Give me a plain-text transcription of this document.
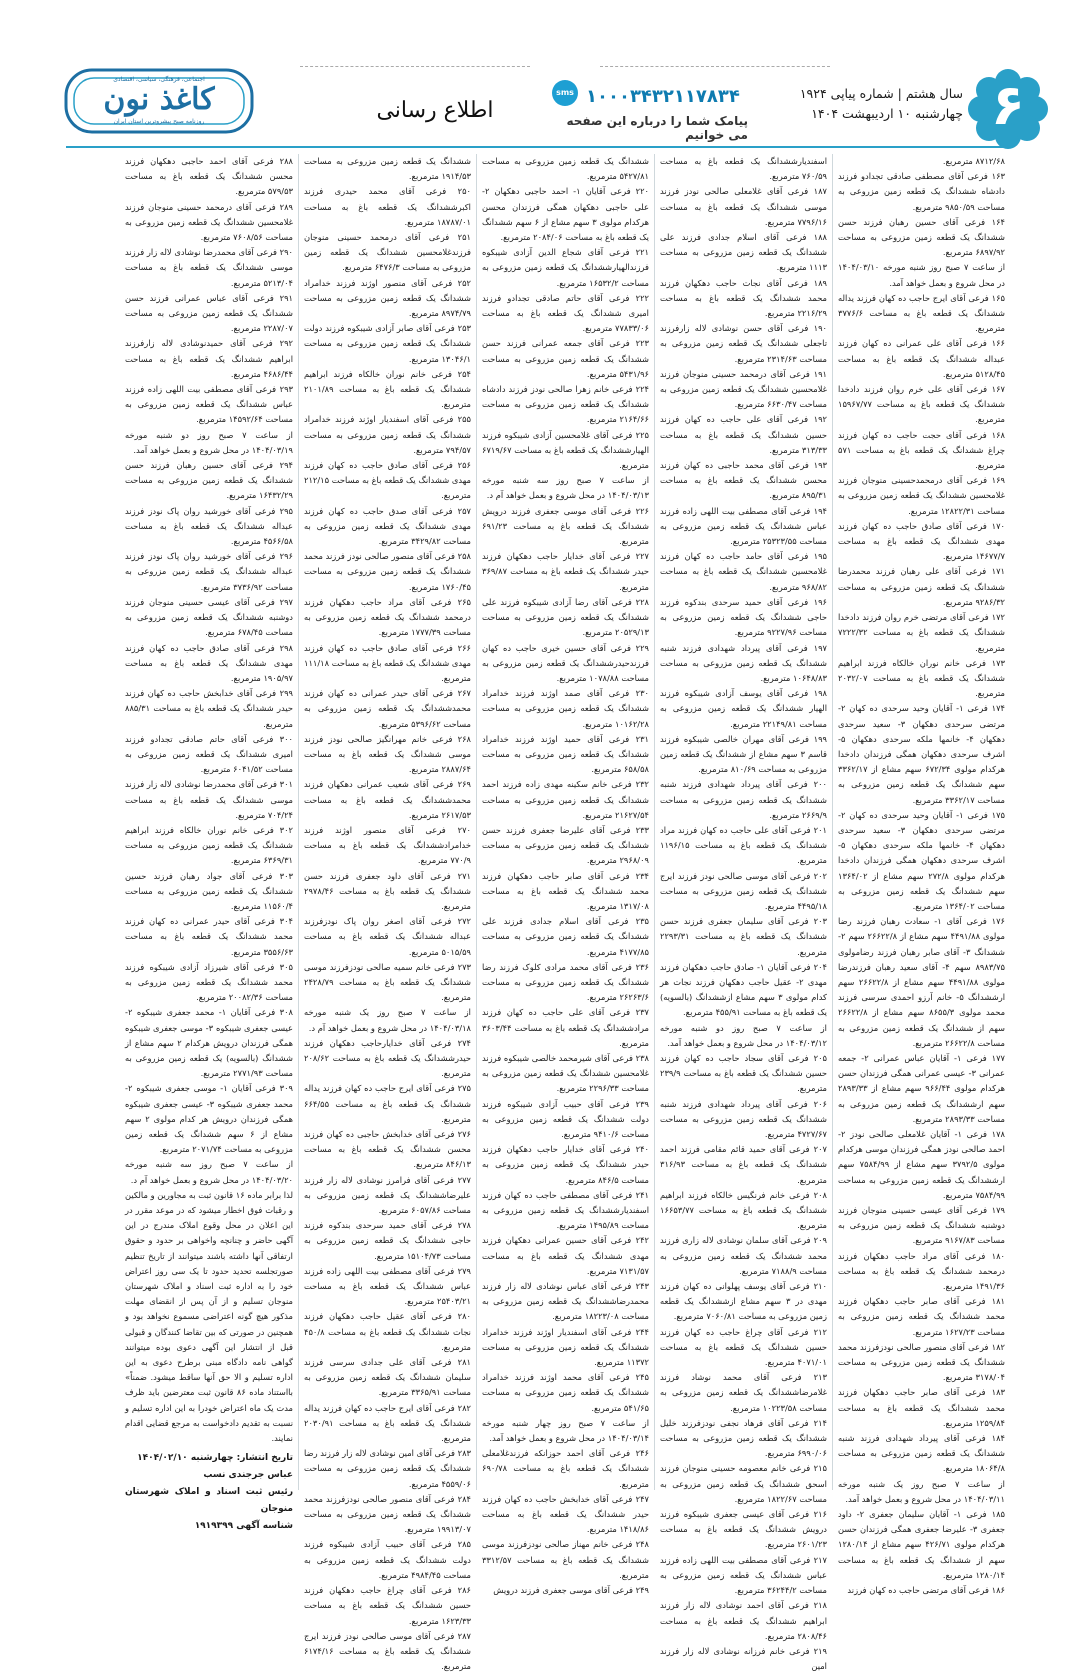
۶
سال هشتم | شماره پیاپی ۱۹۲۴
چهارشنبه ۱۰ اردیبهشت ۱۴۰۴
sms ۱۰۰۰۳۴۳۲۱۱۷۸۳۴
پیامک شما را درباره این صفحه می خوانیم
اطلاع رسانی
اجتماعی، فرهنگی، سیاسی، اقتصادی
کاغذ نون
روزنامه صبح پیشروترین استان ایران

۸۷۱۲/۶۸ مترمربع.

۱۶۳ فرعی آقای مصطفی صادقی تجدادو فرزند دادشاه ششدانگ یک قطعه زمین مزروعی به مساحت ۹۸۵۰/۵۹ مترمربع.

۱۶۴ فرعی آقای حسین رهبان فرزند حسن ششدانگ یک قطعه زمین مزروعی به مساحت ۶۸۹۷/۹۲ مترمربع.

از ساعت ۷ صبح روز شنبه مورخه ۱۴۰۴/۰۳/۱۰ در محل شروع و بعمل خواهد آمد.

۱۶۵ فرعی آقای ایرج حاجب ده کهان فرزند یداله ششدانگ یک قطعه باغ به مساحت ۳۷۷۶/۶ مترمربع.

۱۶۶ فرعی آقای علی عمرانی ده کهان فرزند عبداله ششدانگ یک قطعه باغ به مساحت ۵۱۲۸/۴۵ مترمربع.

۱۶۷ فرعی آقای علی خرم روان فرزند دادخدا ششدانگ یک قطعه باغ به مساحت ۱۵۹۶۷/۷۷ مترمربع.

۱۶۸ فرعی آقای حجت حاجب ده کهان فرزند چراغ ششدانگ یک قطعه باغ به مساحت ۵۷۱ مترمربع.

۱۶۹ فرعی آقای درمحمدحسینی منوجان فرزند غلامحسین ششدانگ یک قطعه زمین مزروعی به مساحت ۱۲۸۲۲/۳۱ مترمربع.

۱۷۰ فرعی آقای صادق حاجب ده کهان فرزند مهدی ششدانگ یک قطعه باغ به مساحت ۱۴۶۷۷/۷ مترمربع.

۱۷۱ فرعی آقای علی رهبان فرزند محمدرضا ششدانگ یک قطعه زمین مزروعی به مساحت ۹۲۸۶/۳۲ مترمربع.

۱۷۲ فرعی آقای مرتضی خرم روان فرزند دادخدا ششدانگ یک قطعه باغ به مساحت ۷۲۲۲/۳۲ مترمربع.

۱۷۳ فرعی خانم نوران خالکاه فرزند ابراهیم ششدانگ یک قطعه باغ به مساحت ۲۰۳۲/۰۷ مترمربع.

۱۷۴ فرعی ۱- آقایان وحید سرحدی ده کهان ۲- مرتضی سرحدی دهکهان ۳- سعید سرحدی دهکهان ۴- خانمها ملکه سرحدی دهکهان ۵- اشرف سرحدی دهکهان همگی فرزندان دادخدا هرکدام مولوی ۶۷۲/۳۴ سهم مشاع از ۳۳۶۲/۱۷ سهم ششدانگ یک قطعه زمین مزروعی به مساحت ۳۳۶۲/۱۷ مترمربع.

۱۷۵ فرعی ۱- آقایان وحید سرحدی ده کهان ۲- مرتضی سرحدی دهکهان ۳- سعید سرحدی دهکهان ۴- خانمها ملکه سرحدی دهکهان ۵- اشرف سرحدی دهکهان همگی فرزندان دادخدا هرکدام مولوی ۲۷۲/۸ سهم مشاع از ۱۳۶۴/۰۲ سهم ششدانگ یک قطعه زمین مزروعی به مساحت ۱۳۶۴/۰۲ مترمربع.

۱۷۶ فرعی آقای ۱- سعادت رهبان فرزند رضا مولوی ۴۴۹۱/۸۸ سهم مشاع از ۲۶۶۲۲/۸ سهم ۲- ششدانگ ۳- آقای صابر رهبان فرزند رضامولوی ۸۹۸۳/۷۵ سهم ۴- آقای سعید رهبان فرزندرضا مولوی ۴۴۹۱/۸۸ سهم مشاع از ۲۶۶۲۲/۸ سهم ارششدانگ ۵- خانم آرزو احمدی سرسی فرزند محمد مولوی ۸۶۵۵/۳ سهم مشاع از ۲۶۶۲۲/۸ سهم از ششدانگ یک قطعه زمین مزروعی به مساحت ۲۶۶۲۲/۸ مترمربع.

۱۷۷ فرعی ۱- آقایان عباس عمرانی ۲- جمعه عمرانی ۳- عیسی عمرانی همگی فرزندان حسن هرکدام مولوی ۹۶۶/۴۴ سهم مشاع از ۲۸۹۳/۳۳ سهم ارششدانگ یک قطعه زمین مزروعی به مساحت ۲۸۹۳/۳۳ مترمربع.

۱۷۸ فرعی ۱- آقایان غلامعلی صالحی نودز ۲- احمد صالحی نودز همگی فرزندان موسی هرکدام مولوی ۳۷۹۲/۵ سهم مشاع از ۷۵۸۴/۹۹ سهم ارششدانگ یک قطعه زمین مزروعی به مساحت ۷۵۸۴/۹۹ مترمربع.

۱۷۹ فرعی آقای عیسی حسینی منوجان فرزند دوشنبه ششدانگ یک قطعه زمین مزروعی به مساحت ۹۱۶۷/۸۳ مترمربع.

۱۸۰ فرعی آقای مراد حاجب دهکهان فرزند درمحمد ششدانگ یک قطعه باغ به مساحت ۱۴۹۱/۳۶ مترمربع.

۱۸۱ فرعی آقای صابر حاجب دهکهان فرزند محمد ششدانگ یک قطعه زمین مزروعی به مساحت ۱۶۲۷/۲۳ مترمربع.

۱۸۲ فرعی آقای منصور صالحی نودزفرزند محمد ششدانگ یک قطعه زمین مزروعی به مساحت ۳۱۷۸/۰۴ مترمربع.

۱۸۳ فرعی آقای صابر حاجب دهکهان فرزند محمد ششدانگ یک قطعه باغ به مساحت ۱۲۵۹/۸۴ مترمربع.

۱۸۴ فرعی آقای پیرداد شهدادی فرزند شنبه ششدانگ یک قطعه زمین مزروعی به مساحت ۱۸۰۶۴/۸ مترمربع.

از ساعت ۷ صبح روز یک شنبه مورخه ۱۴۰۴/۰۳/۱۱ در محل شروع و بعمل خواهد آمد.

۱۸۵ فرعی ۱- آقایان سلیمان جعفری ۲- داود جعفری ۳- علیرضا جعفری همگی فرزندان حسن هرکدام مولوی ۴۲۶/۷۱ سهم مشاع از ۱۲۸۰/۱۴ سهم از ششدانگ یک قطعه باغ به مساحت ۱۲۸۰/۱۴ مترمربع.

۱۸۶ فرعی آقای مرتضی حاجب ده کهان فرزند

اسفندیارششدانگ یک قطعه باغ به مساحت ۷۶۰/۵۹ مترمربع.

۱۸۷ فرعی آقای غلامعلی صالحی نودز فرزند موسی ششدانگ یک قطعه باغ به مساحت ۷۷۹۶/۱۶ مترمربع.

۱۸۸ فرعی آقای اسلام جدادی فرزند علی ششدانگ یک قطعه زمین مزروعی به مساحت ۱۱۱۳ مترمربع.

۱۸۹ فرعی آقای نجات حاجب دهکهان فرزند محمد ششدانگ یک قطعه باغ به مساحت ۲۲۱۶/۲۹ مترمربع.

۱۹۰ فرعی آقای حسن نوشادی لاله زارفرزند تاجعلی ششدانگ یک قطعه زمین مزروعی به مساحت ۲۳۱۴/۶۳ مترمربع.

۱۹۱ فرعی آقای درمحمد حسینی منوجان فرزند غلامحسین ششدانگ یک قطعه زمین مزروعی به مساحت ۶۶۳۰/۴۷ مترمربع.

۱۹۲ فرعی آقای علی حاجب ده کهان فرزند حسین ششدانگ یک قطعه باغ به مساحت ۳۱۳/۳۳ مترمربع.

۱۹۳ فرعی آقای محمد حاجبی ده کهان فرزند محسن ششدانگ یک قطعه باغ به مساحت ۸۹۵/۳۱ مترمربع.

۱۹۴ فرعی آقای مصطفی بیت اللهی زاده فرزند عباس ششدانگ یک قطعه زمین مزروعی به مساحت ۲۵۳۲۳/۵۵ مترمربع.

۱۹۵ فرعی آقای حامد حاجب ده کهان فرزند غلامحسین ششدانگ یک قطعه باغ به مساحت ۹۶۸/۸۲ مترمربع.

۱۹۶ فرعی آقای حمید سرحدی بندکوه فرزند حاجی ششدانگ یک قطعه زمین مزروعی به مساحت ۹۲۲۷/۹۶ مترمربع.

۱۹۷ فرعی آقای پیرداد شهدادی فرزند شنبه ششدانگ یک قطعه زمین مزروعی به مساحت ۱۰۶۴۸/۸۳ مترمربع.

۱۹۸ فرعی آقای یوسف آزادی شیبکوه فرزند الهیار ششدانگ یک قطعه زمین مزروعی به مساحت ۲۲۱۴۹/۸۱ مترمربع.

۱۹۹ فرعی آقای مهران خالصی شیبکوه فرزند قاسم ۳ سهم مشاع از ششدانگ یک قطعه زمین مزروعی به مساحت ۸۱۰/۶۹ مترمربع.

۲۰۰ فرعی آقای پیرداد شهدادی فرزند شنبه ششدانگ یک قطعه زمین مزروعی به مساحت ۲۶۶۹/۹ مترمربع.

۲۰۱ فرعی آقای علی حاجب ده کهان فرزند مراد ششدانگ یک قطعه باغ به مساحت ۱۱۹۶/۱۵ مترمربع.

۲۰۲ فرعی آقای موسی صالحی نودز فرزند ایرج ششدانگ یک قطعه زمین مزروعی به مساحت ۴۴۹۵/۱۸ مترمربع.

۲۰۳ فرعی آقای سلیمان جعفری فرزند حسن ششدانگ یک قطعه باغ به مساحت ۲۲۹۳/۳۱ مترمربع.

۲۰۴ فرعی آقایان ۱- صادق حاجب دهکهان فرزند مهدی ۲- عقیل حاجب دهکهان فرزند نجات هر کدام مولوی ۳ سهم مشاع ازششدانگ (بالسویه) یک قطعه باغ به مساحت ۴۵۵/۹۱ مترمربع.

از ساعت ۷ صبح روز دو شنبه مورخه ۱۴۰۴/۰۳/۱۲ در محل شروع و بعمل خواهد آمد.

۲۰۵ فرعی آقای سجاد حاجب ده کهان فرزند حسین ششدانگ یک قطعه باغ به مساحت ۲۳۹/۹ مترمربع.

۲۰۶ فرعی آقای پیرداد شهدادی فرزند شنبه ششدانگ یک قطعه زمین مزروعی به مساحت ۴۷۲۷/۶۷ مترمربع.

۲۰۷ فرعی آقای حمید قائم مقامی فرزند احمد ششدانگ یک قطعه باغ به مساحت ۳۱۶/۹۳ مترمربع.

۲۰۸ فرعی خانم فرنگیس خالکاه فرزند ابراهیم ششدانگ یک قطعه باغ به مساحت ۱۶۶۵۳/۷۷ مترمربع.

۲۰۹ فرعی آقای سلمان نوشادی لاله زاری فرزند محمد ششدانگ یک قطعه زمین مزروعی به مساحت ۷۱۸۸/۹ مترمربع.

۲۱۰ فرعی آقای یوسف پهلوانی ده کهان فرزند مهدی در ۳ سهم مشاع ازششدانگ یک قطعه زمین مزروعی به مساحت ۷۰۶۰/۸۱ مترمربع.

۲۱۲ فرعی آقای چراغ حاجب ده کهان فرزند حسین ششدانگ یک قطعه باغ به مساحت ۴۰۷۱/۰۱ مترمربع.

۲۱۳ فرعی آقای محمد نوشاد فرزند غلامرضاششدانگ یک قطعه زمین مزروعی به مساحت ۱۰۲۲۳/۵۸ مترمربع.

۲۱۴ فرعی آقای فرهاد نجفی نودزفرزند خلیل ششدانگ یک قطعه زمین مزروعی به مساحت ۶۹۹۰/۰۶ مترمربع.

۲۱۵ فرعی خانم معصومه حسینی منوجان فرزند اسحق ششدانگ یک قطعه زمین مزروعی به مساحت ۱۸۲۲/۶۷ مترمربع.

۲۱۶ فرعی آقای عیسی جعفری شیبکوه فرزند درویش ششدانگ یک قطعه باغ به مساحت ۲۶۰۱/۲۳ مترمربع.

۲۱۷ فرعی آقای مصطفی بیت اللهی زاده فرزند عباس ششدانگ یک قطعه زمین مزروعی به مساحت ۳۶۲۴۴/۲ مترمربع.

۲۱۸ فرعی آقای احمد نوشادی لاله زار فرزند ابراهیم ششدانگ یک قطعه باغ به مساحت ۲۸۰۸/۴۶ مترمربع.

۲۱۹ فرعی خانم فرزانه نوشادی لاله زار فرزند امین

ششدانگ یک قطعه زمین مزروعی به مساحت ۵۴۲۷/۸۱ مترمربع.

۲۲۰ فرعی آقایان ۱- احمد حاجبی دهکهان ۲- علی حاجبی دهکهان همگی فرزندان محسن هرکدام مولوی ۳ سهم مشاع از ۶ سهم ششدانگ یک قطعه باغ به مساحت ۲۰۸۴/۰۶ مترمربع.

۲۲۱ فرعی آقای شجاع الدین آزادی شیبکوه فرزندالهیارششدانگ یک قطعه زمین مزروعی به مساحت ۱۶۵۳۲/۲ مترمربع.

۲۲۲ فرعی آقای حاتم صادقی تجدادو فرزند امیری ششدانگ یک قطعه باغ به مساحت ۷۷۸۳۳/۰۶ مترمربع.

۲۲۳ فرعی آقای جمعه عمرانی فرزند حسن ششدانگ یک قطعه زمین مزروعی به مساحت ۵۴۳۱/۹۶ مترمربع.

۲۲۴ فرعی خانم زهرا صالحی نودز فرزند دادشاه ششدانگ یک قطعه زمین مزروعی به مساحت ۲۱۶۴/۶۶ مترمربع.

۲۲۵ فرعی آقای غلامحسین آزادی شیبکوه فرزند الهیارششدانگ یک قطعه باغ به مساحت ۶۷۱۹/۶۷ مترمربع.

از ساعت ۷ صبح روز سه شنبه مورخه ۱۴۰۴/۰۳/۱۳ در محل شروع و بعمل خواهد آم د.

۲۲۶ فرعی آقای موسی جعفری فرزند درویش ششدانگ یک قطعه باغ به مساحت ۶۹۱/۲۳ مترمربع.

۲۲۷ فرعی آقای خدایار حاجب دهکهان فرزند حیدر ششدانگ یک قطعه باغ به مساحت ۳۶۹/۸۷ مترمربع.

۲۲۸ فرعی آقای رضا آزادی شیبکوه فرزند علی ششدانگ یک قطعه زمین مزروعی به مساحت ۲۰۵۲۹/۱۳ مترمربع.

۲۲۹ فرعی آقای حسین خیری حاجب ده کهان فرزندحیدرششدانگ یک قطعه زمین مزروعی به مساحت ۱۰۷۸/۸۸ مترمربع.

۲۳۰ فرعی آقای صمد اوژند فرزند خدامراد ششدانگ یک قطعه زمین مزروعی به مساحت ۱۰۱۶۲/۲۸ مترمربع.

۲۳۱ فرعی آقای حمید اوژند فرزند خدامراد ششدانگ یک قطعه زمین مزروعی به مساحت ۶۵۸/۵۸ مترمربع.

۲۳۲ فرعی خانم سکینه مهدی زاده فرزند احمد ششدانگ یک قطعه زمین مزروعی به مساحت ۲۱۶۲۷/۵۴ مترمربع.

۲۳۳ فرعی آقای علیرضا جعفری فرزند حسن ششدانگ یک قطعه زمین مزروعی به مساحت ۲۹۶۸/۰۹ مترمربع.

۲۳۴ فرعی آقای صابر حاجب دهکهان فرزند محمد ششدانگ یک قطعه باغ به مساحت ۱۳۱۷/۰۸ مترمربع.

۲۳۵ فرعی آقای اسلام جدادی فرزند علی ششدانگ یک قطعه زمین مزروعی به مساحت ۴۱۷۷/۸۵ مترمربع.

۲۳۶ فرعی آقای محمد مرادی کلوک فرزند رضا ششدانگ یک قطعه زمین مزروعی به مساحت ۲۶۲۶۳/۶ مترمربع.

۲۳۷ فرعی آقای علی حاجب ده کهان فرزند مرادششدانگ یک قطعه باغ به مساحت ۳۶۰۳/۴۴ مترمربع.

۲۳۸ فرعی آقای شیرمحمد خالصی شیبکوه فرزند غلامحسین ششدانگ یک قطعه زمین مزروعی به مساحت ۲۲۹۶/۳۳ مترمربع.

۲۳۹ فرعی آقای حبیب آزادی شیبکوه فرزند دولت ششدانگ یک قطعه زمین مزروعی به مساحت ۹۴۱۰/۶ مترمربع.

۲۴۰ فرعی آقای خدایار حاجب دهکهان فرزند حیدر ششدانگ یک قطعه زمین مزروعی به مساحت ۸۴۶/۵ مترمربع.

۲۴۱ فرعی آقای مصطفی حاجب ده کهان فرزند اسفندیارششدانگ یک قطعه زمین مزروعی به مساحت ۱۴۹۵/۸۹ مترمربع.

۲۴۲ فرعی آقای حسین عمرانی دهکهان فرزند مهدی ششدانگ یک قطعه باغ به مساحت ۷۱۳۱/۵۷ مترمربع.

۲۴۳ فرعی آقای عباس نوشادی لاله زار فرزند محمدرضاششدانگ یک قطعه زمین مزروعی به مساحت ۱۸۲۲۳/۰۸ مترمربع.

۲۴۴ فرعی آقای اسفندیار اوژند فرزند خدامراد ششدانگ یک قطعه زمین مزروعی به مساحت ۱۱۳۷۲ مترمربع.

۲۴۵ فرعی آقای محمد اوژند فرزند خدامراد ششدانگ یک قطعه زمین مزروعی به مساحت ۵۴۱/۶۵ مترمربع.

از ساعت ۷ صبح روز چهار شنبه مورخه ۱۴۰۴/۰۳/۱۴ در محل شروع و بعمل خواهد آمد.

۲۴۶ فرعی آقای احمد حوزانکه فرزندغلامعلی ششدانگ یک قطعه باغ به مساحت ۶۹۰/۷۸ مترمربع.

۲۴۷ فرعی آقای خدابخش حاجب ده کهان فرزند حیدر ششدانگ یک قطعه باغ به مساحت ۱۴۱۸/۸۶ مترمربع.

۲۴۸ فرعی خانم مهناز صالحی نودزفرزند موسی ششدانگ یک قطعه باغ به مساحت ۳۳۱۲/۵۷ مترمربع.

۲۴۹ فرعی آقای موسی جعفری فرزند درویش

ششدانگ یک قطعه زمین مزروعی به مساحت ۱۹۱۴/۵۳ مترمربع.

۲۵۰ فرعی آقای محمد حیدری فرزند اکبرششدانگ یک قطعه باغ به مساحت ۱۸۷۸۷/۰۱ مترمربع.

۲۵۱ فرعی آقای درمحمد حسینی منوجان فرزندغلامحسین ششدانگ یک قطعه زمین مزروعی به مساحت ۶۴۷۶/۳ مترمربع.

۲۵۲ فرعی آقای منصور اوژند فرزند خدامراد ششدانگ یک قطعه زمین مزروعی به مساحت ۸۹۷۴/۷۹ مترمربع.

۲۵۳ فرعی آقای صابر آزادی شیبکوه فرزند دولت ششدانگ یک قطعه زمین مزروعی به مساحت ۱۳۰۴۶/۱ مترمربع.

۲۵۴ فرعی خانم نوران خالکاه فرزند ابراهیم ششدانگ یک قطعه باغ به مساحت ۲۱۰۱/۸۹ مترمربع.

۲۵۵ فرعی آقای اسفندیار اوژند فرزند خدامراد ششدانگ یک قطعه زمین مزروعی به مساحت ۷۹۴/۵۷ مترمربع.

۲۵۶ فرعی آقای صادق حاجب ده کهان فرزند مهدی ششدانگ یک قطعه باغ به مساحت ۲۱۲/۱۵ مترمربع.

۲۵۷ فرعی آقای صدق حاجب ده کهان فرزند مهدی ششدانگ یک قطعه زمین مزروعی به مساحت ۳۴۲۹/۸۲ مترمربع.

۲۵۸ فرعی آقای منصور صالحی نودز فرزند محمد ششدانگ یک قطعه زمین مزروعی به مساحت ۱۷۶۰/۴۵ مترمربع.

۲۶۵ فرعی آقای مراد حاجب دهکهان فرزند درمحمد ششدانگ یک قطعه زمین مزروعی به مساحت ۱۷۷۷/۳۹ مترمربع.

۲۶۶ فرعی آقای صادق حاجب ده کهان فرزند مهدی ششدانگ یک قطعه باغ به مساحت ۱۱۱/۱۸ مترمربع.

۲۶۷ فرعی آقای حیدر عمرانی ده کهان فرزند محمدششدانگ یک قطعه زمین مزروعی به مساحت ۵۳۹۶/۶۲ مترمربع.

۲۶۸ فرعی خانم مهرانگیز صالحی نودز فرزند موسی ششدانگ یک قطعه باغ به مساحت ۲۸۸۷/۶۴ مترمربع.

۲۶۹ فرعی آقای شعیب عمرانی دهکهان فرزند محمدششدانگ یک قطعه باغ به مساحت ۲۶۱۷/۵۳ مترمربع.

۲۷۰ فرعی آقای منصور اوژند فرزند خدامرادششدانگ یک قطعه باغ به مساحت ۷۷۰/۹ مترمربع.

۲۷۱ فرعی آقای داود جعفری فرزند حسن ششدانگ یک قطعه باغ به مساحت ۲۹۷۸/۴۶ مترمربع.

۲۷۲ فرعی آقای اصغر روان پاک نودزفرزند عبداله ششدانگ یک قطعه باغ به مساحت ۵۰۱۵/۵۹ مترمربع.

۲۷۳ فرعی خانم سمیه صالحی نودزفرزند موسی ششدانگ یک قطعه باغ به مساحت ۲۴۲۸/۷۹ مترمربع.

از ساعت ۷ صبح روز یک شنبه مورخه ۱۴۰۴/۰۳/۱۸ در محل شروع و بعمل خواهد آم د.

۲۷۴ فرعی آقای خدایارحاجب دهکهان فرزند حیدرششدانگ یک قطعه باغ به مساحت ۲۰۸/۶۲ مترمربع.

۲۷۵ فرعی آقای ایرج حاجب ده کهان فرزند یداله ششدانگ یک قطعه باغ به مساحت ۶۶۴/۵۵ مترمربع.

۲۷۶ فرعی آقای خدابخش حاجبی ده کهان فرزند محسن ششدانگ یک قطعه باغ به مساحت ۸۴۶/۱۳ مترمربع.

۲۷۷ فرعی آقای فرامرز نوشادی لاله زار فرزند علیرضاششدانگ یک قطعه زمین مزروعی به مساحت ۶۰۵۷/۸۶ مترمربع.

۲۷۸ فرعی آقای حمید سرحدی بندکوه فرزند حاجی ششدانگ یک قطعه زمین مزروعی به مساحت ۱۵۱۰۴/۷۳ مترمربع.

۲۷۹ فرعی آقای مصطفی بیت اللهی زاده فرزند عباس ششدانگ یک قطعه باغ به مساحت ۲۵۴۰۳/۲۱ مترمربع.

۲۸۰ فرعی آقای عقیل حاجب دهکهان فرزند نجات ششدانگ یک قطعه باغ به مساحت ۴۵۰/۸ مترمربع.

۲۸۱ فرعی آقای علی جدادی سرسی فرزند سلیمان ششدانگ یک قطعه زمین مزروعی به مساحت ۳۳۶۵/۹۱ مترمربع.

۲۸۲ فرعی آقای ایرج حاجب ده کهان فرزند یداله ششدانگ یک قطعه باغ به مساحت ۲۰۳۰/۹۱ مترمربع.

۲۸۳ فرعی آقای امین نوشادی لاله زار فرزند رضا ششدانگ یک قطعه زمین مزروعی به مساحت ۴۵۵۹/۰۶ مترمربع.

۲۸۴ فرعی آقای منصور صالحی نودزفرزند محمد ششدانگ یک قطعه زمین مزروعی به مساحت ۱۹۹۱۳/۰۷ مترمربع.

۲۸۵ فرعی آقای حبیب آزادی شیبکوه فرزند دولت ششدانگ یک قطعه زمین مزروعی به مساحت ۴۹۸۴/۴۵ مترمربع.

۲۸۶ فرعی آقای چراغ حاجب دهکهان فرزند حسین ششدانگ یک قطعه باغ به مساحت ۱۶۲۳/۳۳ مترمربع.

۲۸۷ فرعی آقای موسی صالحی نودز فرزند ایرج ششدانگ یک قطعه باغ به مساحت ۶۱۷۴/۱۶ مترمربع.

۲۸۸ فرعی آقای احمد حاجبی دهکهان فرزند محسن ششدانگ یک قطعه باغ به مساحت ۵۷۹/۵۳ مترمربع.

۲۸۹ فرعی آقای درمحمد حسینی منوجان فرزند غلامحسین ششدانگ یک قطعه زمین مزروعی به مساحت ۷۶۰۸/۵۶ مترمربع.

۲۹۰ فرعی آقای محمدرضا نوشادی لاله زار فرزند موسی ششدانگ یک قطعه باغ به مساحت ۵۲۱۳/۰۴ مترمربع.

۲۹۱ فرعی آقای عباس عمرانی فرزند حسن ششدانگ یک قطعه زمین مزروعی به مساحت ۲۲۸۷/۰۷ مترمربع.

۲۹۲ فرعی آقای حمیدنوشادی لاله زارفرزند ابراهیم ششدانگ یک قطعه باغ به مساحت ۴۶۸۶/۴۴ مترمربع.

۲۹۳ فرعی آقای مصطفی بیت اللهی زاده فرزند عباس ششدانگ یک قطعه زمین مزروعی به مساحت ۱۴۵۹۲/۶۴ مترمربع.

از ساعت ۷ صبح روز دو شنبه مورخه ۱۴۰۴/۰۳/۱۹ در محل شروع و بعمل خواهد آمد.

۲۹۴ فرعی آقای حسین رهبان فرزند حسن ششدانگ یک قطعه زمین مزروعی به مساحت ۱۶۴۳۲/۲۹ مترمربع.

۲۹۵ فرعی آقای خورشید روان پاک نودز فرزند عبداله ششدانگ یک قطعه باغ به مساحت ۴۵۶۶/۵۸ مترمربع.

۲۹۶ فرعی آقای خورشید روان پاک نودز فرزند عبداله ششدانگ یک قطعه زمین مزروعی به مساحت ۳۷۳۶/۹۲ مترمربع.

۲۹۷ فرعی آقای عیسی حسینی منوجان فرزند دوشنبه ششدانگ یک قطعه زمین مزروعی به مساحت ۶۷۸/۴۵ مترمربع.

۲۹۸ فرعی آقای صادق حاجب ده کهان فرزند مهدی ششدانگ یک قطعه باغ به مساحت ۱۹۰۵/۹۷ مترمربع.

۲۹۹ فرعی آقای خدابخش حاجب ده کهان فرزند حیدر ششدانگ یک قطعه باغ به مساحت ۸۸۵/۳۱ مترمربع.

۳۰۰ فرعی آقای حاتم صادقی تجدادو فرزند امیری ششدانگ یک قطعه زمین مزروعی به مساحت ۶۰۴۱/۵۲ مترمربع.

۳۰۱ فرعی آقای محمدرضا نوشادی لاله زار فرزند موسی ششدانگ یک قطعه باغ به مساحت ۷۰۴/۲۴ مترمربع.

۳۰۲ فرعی خانم نوران خالکاه فرزند ابراهیم ششدانگ یک قطعه زمین مزروعی به مساحت ۶۳۶۹/۳۱ مترمربع.

۳۰۳ فرعی آقای جواد رهبان فرزند حسین ششدانگ یک قطعه زمین مزروعی به مساحت ۱۱۵۶۰/۴ مترمربع.

۳۰۴ فرعی آقای حیدر عمرانی ده کهان فرزند محمد ششدانگ یک قطعه باغ به مساحت ۳۵۵۶/۶۳ مترمربع.

۳۰۵ فرعی آقای شیرزاد آزادی شیبکوه فرزند محمد ششدانگ یک قطعه زمین مزروعی به مساحت ۲۰۰۸۲/۳۶ مترمربع.

۳۰۸ فرعی آقایان ۱- محمد جعفری شیبکوه ۲- عیسی جعفری شیبکوه ۳- موسی جعفری شیبکوه همگی فرزندان درویش هرکدام ۲ سهم مشاع از ششدانگ (بالسویه) یک قطعه زمین مزروعی به مساحت ۲۷۷۱/۹۳ مترمربع.

۳۰۹ فرعی آقایان ۱- موسی جعفری شیبکوه ۲- محمد جعفری شیبکوه ۳- عیسی جعفری شیبکوه همگی فرزندان درویش هر کدام مولوی ۲ سهم مشاع از ۶ سهم ششدانگ یک قطعه زمین مزروعی به مساحت ۲۰۷۱/۷۴ مترمربع.

از ساعت ۷ صبح روز سه شنبه مورخه ۱۴۰۴/۰۳/۲۰ در محل شروع و بعمل خواهد آم د.

لذا برابر ماده ۱۶ قانون ثبت به مجاورین و مالکین و رقبات فوق اخطار میشود که در موعد مقرر در این اعلان در محل وقوع املاک مندرج در این آگهی حاضر و چنانچه واخواهی بر حدود و حقوق ارتفاقی آنها داشته باشند میتوانند از تاریخ تنظیم صورتجلسه تحدید حدود تا یک سی روز اعتراض خود را به اداره ثبت اسناد و املاک شهرستان منوجان تسلیم و از آن پس از انقضای مهلت مذکور هیچ گونه اعتراضی مسموع نخواهد بود و همچنین در صورتی که بین تقاضا کنندگان و قبولی قبل از انتشار این آگهی دعوی بوده میتوانند گواهی نامه دادگاه مبنی برطرح دعوی به این اداره تسلیم و الا حق آنها ساقط میشود. ضمناً» بااستناد ماده ۸۶ قانون ثبت معترضین باید ظرف مدت یک ماه اعتراض خودرا به این اداره تسلیم و نسبت به تقدیم دادخواست به مرجع قضایی اقدام نمایند.

تاریخ انتشار: چهارشنبه ۱۴۰۴/۰۲/۱۰
عباس جرجندی نسب
رئیس ثبت اسناد و املاک شهرستان منوجان
شناسه آگهی ۱۹۱۹۳۹۹
